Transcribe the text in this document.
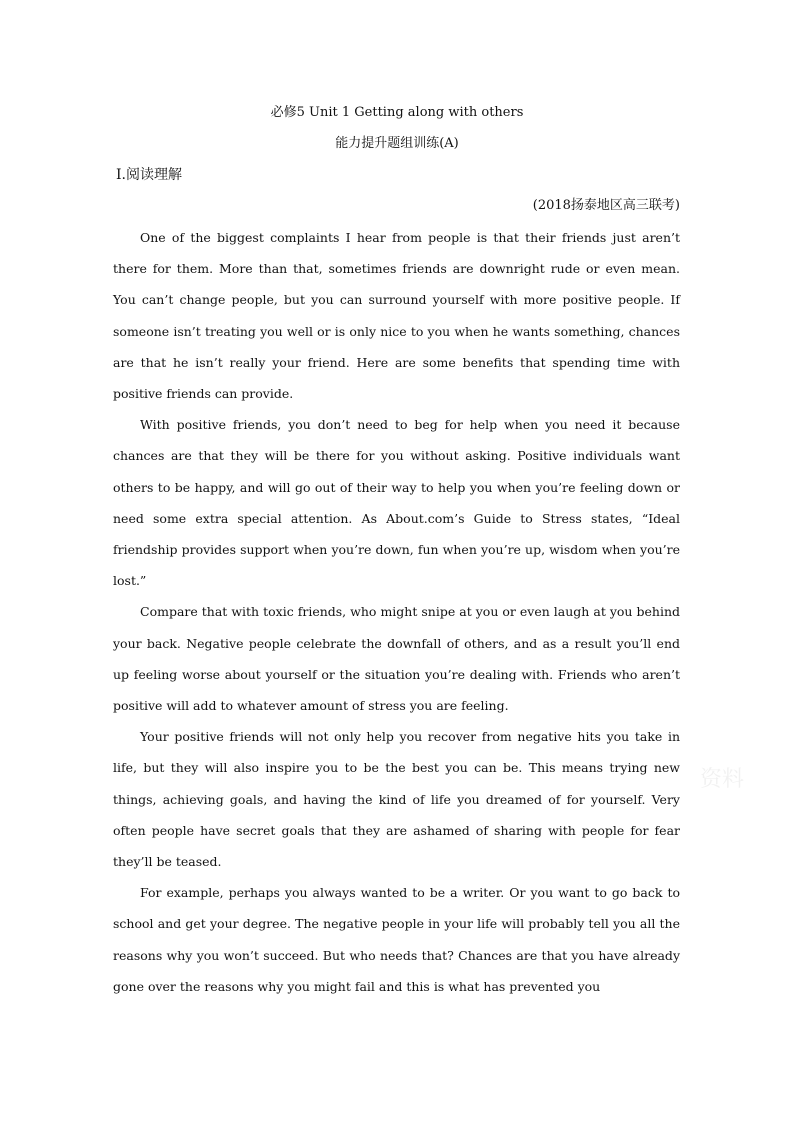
必修5 Unit 1 Getting along with others
能力提升题组训练(A)
Ⅰ.阅读理解
(2018扬泰地区高三联考)

One of the biggest complaints I hear from people is that their friends just aren’t there for them. More than that, sometimes friends are downright rude or even mean. You can’t change people, but you can surround yourself with more positive people. If someone isn’t treating you well or is only nice to you when he wants something, chances are that he isn’t really your friend. Here are some benefits that spending time with positive friends can provide.

With positive friends, you don’t need to beg for help when you need it because chances are that they will be there for you without asking. Positive individuals want others to be happy, and will go out of their way to help you when you’re feeling down or need some extra special attention. As About.com’s Guide to Stress states, “Ideal friendship provides support when you’re down, fun when you’re up, wisdom when you’re lost.”

Compare that with toxic friends, who might snipe at you or even laugh at you behind your back. Negative people celebrate the downfall of others, and as a result you’ll end up feeling worse about yourself or the situation you’re dealing with. Friends who aren’t positive will add to whatever amount of stress you are feeling.

Your positive friends will not only help you recover from negative hits you take in life, but they will also inspire you to be the best you can be. This means trying new things, achieving goals, and having the kind of life you dreamed of for yourself. Very often people have secret goals that they are ashamed of sharing with people for fear they’ll be teased.

For example, perhaps you always wanted to be a writer. Or you want to go back to school and get your degree. The negative people in your life will probably tell you all the reasons why you won’t succeed. But who needs that? Chances are that you have already gone over the reasons why you might fail and this is what has prevented you

资料
